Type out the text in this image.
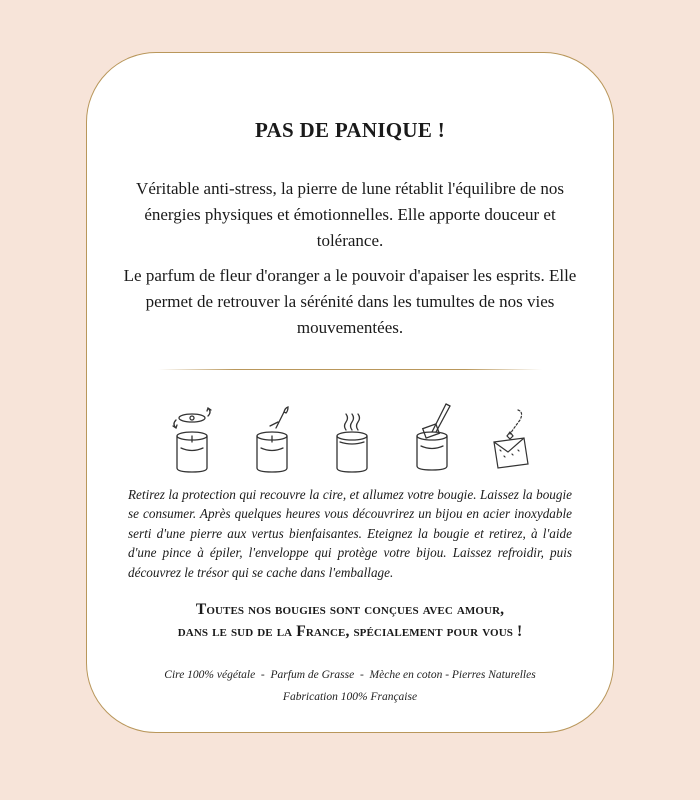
PAS DE PANIQUE !

Véritable anti-stress, la pierre de lune rétablit l'équilibre de nos énergies physiques et émotionnelles. Elle apporte douceur et tolérance.

Le parfum de fleur d'oranger a le pouvoir d'apaiser les esprits. Elle permet de retrouver la sérénité dans les tumultes de nos vies mouvementées.

Retirez la protection qui recouvre la cire, et allumez votre bougie. Laissez la bougie se consumer. Après quelques heures vous découvrirez un bijou en acier inoxydable serti d'une pierre aux vertus bienfaisantes. Eteignez la bougie et retirez, à l'aide d'une pince à épiler, l'enveloppe qui protège votre bijou. Laissez refroidir, puis découvrez le trésor qui se cache dans l'emballage.
Toutes nos bougies sont conçues avec amour,
dans le sud de la France, spécialement pour vous !
Cire 100% végétale  -  Parfum de Grasse  -  Mèche en coton - Pierres Naturelles
Fabrication 100% Française
